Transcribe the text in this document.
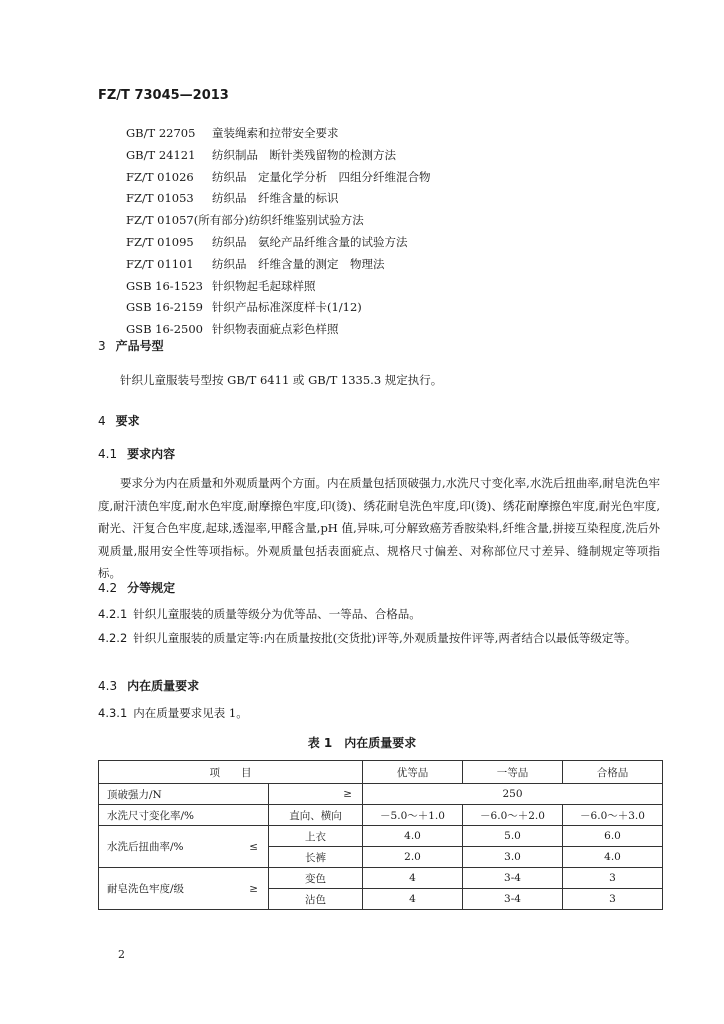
FZ/T 73045—2013
GB/T 22705	童装绳索和拉带安全要求
GB/T 24121	纺织制品　断针类残留物的检测方法
FZ/T 01026	纺织品　定量化学分析　四组分纤维混合物
FZ/T 01053	纺织品　纤维含量的标识
FZ/T 01057(所有部分) 纺织纤维鉴别试验方法
FZ/T 01095	纺织品　氨纶产品纤维含量的试验方法
FZ/T 01101	纺织品　纤维含量的测定　物理法
GSB 16-1523 针织物起毛起球样照
GSB 16-2159 针织产品标准深度样卡(1/12)
GSB 16-2500 针织物表面疵点彩色样照
3 产品号型
针织儿童服装号型按 GB/T 6411 或 GB/T 1335.3 规定执行。
4 要求
4.1 要求内容
要求分为内在质量和外观质量两个方面。内在质量包括顶破强力,水洗尺寸变化率,水洗后扭曲率,耐皂洗色牢度,耐汗渍色牢度,耐水色牢度,耐摩擦色牢度,印(烫)、绣花耐皂洗色牢度,印(烫)、绣花耐摩擦色牢度,耐光色牢度,耐光、汗复合色牢度,起球,透湿率,甲醛含量,pH 值,异味,可分解致癌芳香胺染料,纤维含量,拼接互染程度,洗后外观质量,服用安全性等项指标。外观质量包括表面疵点、规格尺寸偏差、对称部位尺寸差异、缝制规定等项指标。
4.2 分等规定
4.2.1 针织儿童服装的质量等级分为优等品、一等品、合格品。
4.2.2 针织儿童服装的质量定等:内在质量按批(交货批)评等,外观质量按件评等,两者结合以最低等级定等。
4.3 内在质量要求
4.3.1 内在质量要求见表 1。
表 1　内在质量要求
项　　目		优等品	一等品	合格品
顶破强力/N	≥	250		
水洗尺寸变化率/%	直向、横向	－5.0～＋1.0	－6.0～＋2.0	－6.0～＋3.0

水洗后扭曲率/% ≤	上衣	4.0	5.0	6.0
	长裤	2.0	3.0	4.0

耐皂洗色牢度/级 ≥	变色	4	3-4	3
	沾色	4	3-4	3
2
